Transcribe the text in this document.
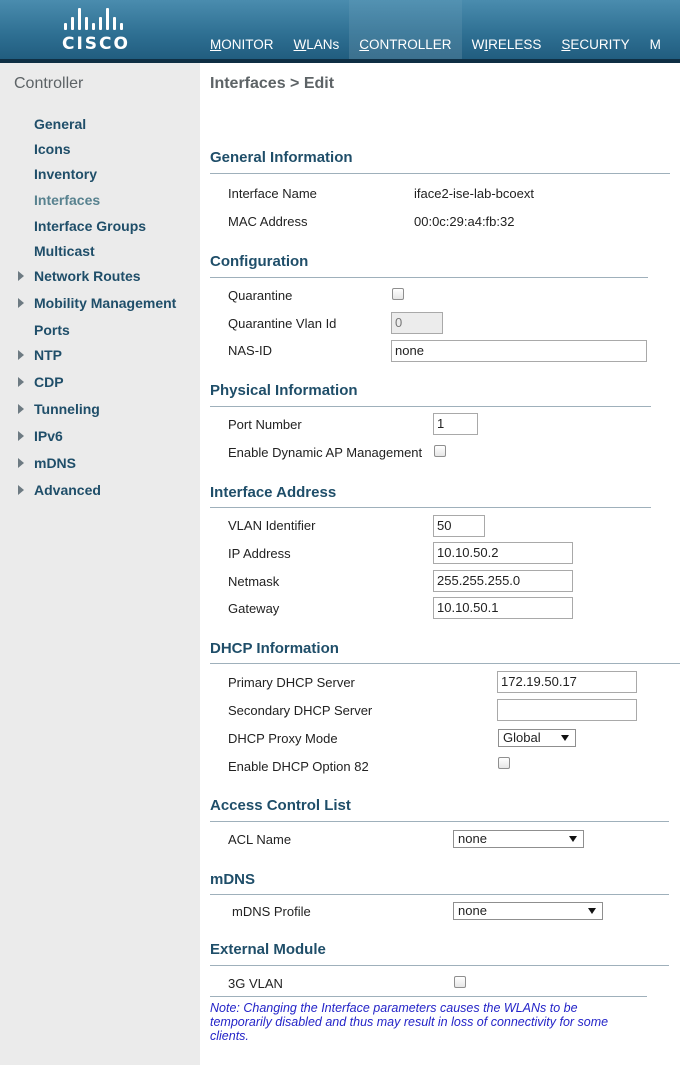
CISCO	MONITOR	WLANs	CONTROLLER	WIRELESS	SECURITY	M
Controller
General
Icons
Inventory
Interfaces
Interface Groups
Multicast
Network Routes
Mobility Management
Ports
NTP
CDP
Tunneling
IPv6
mDNS
Advanced
Interfaces > Edit
General Information
Interface Name	iface2-ise-lab-bcoext
MAC Address	00:0c:29:a4:fb:32
Configuration
Quarantine
Quarantine Vlan Id	0
NAS-ID	none
Physical Information
Port Number	1
Enable Dynamic AP Management
Interface Address
VLAN Identifier	50
IP Address	10.10.50.2
Netmask	255.255.255.0
Gateway	10.10.50.1
DHCP Information
Primary DHCP Server	172.19.50.17
Secondary DHCP Server
DHCP Proxy Mode	Global
Enable DHCP Option 82
Access Control List
ACL Name	none
mDNS
mDNS Profile	none
External Module
3G VLAN
Note: Changing the Interface parameters causes the WLANs to be temporarily disabled and thus may result in loss of connectivity for some clients.
